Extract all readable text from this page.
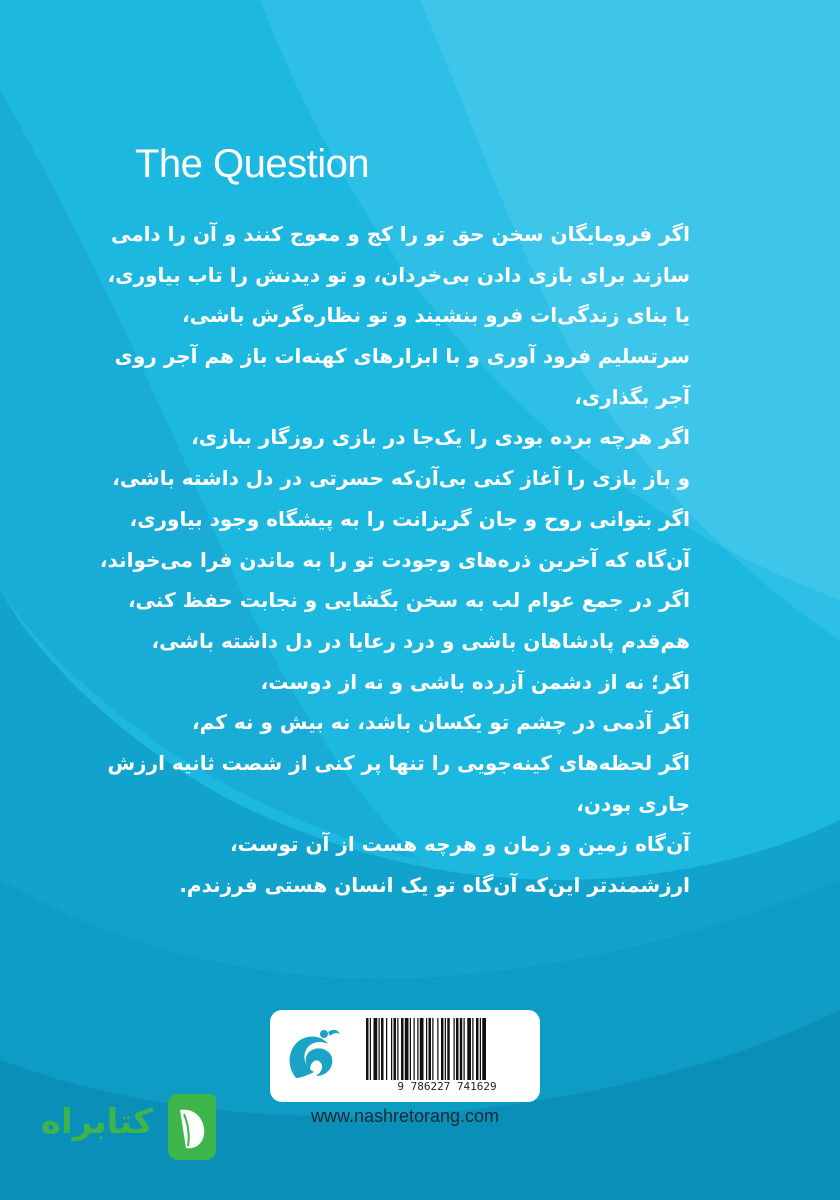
The Question
اگر فرومایگان سخن حق تو را کج و معوج کنند و آن را دامی
سازند برای بازی دادن بی‌خردان، و تو دیدنش را تاب بیاوری،
یا بنای زندگی‌ات فرو بنشیند و تو نظاره‌گرش باشی،
سرتسلیم فرود آوری و با ابزارهای کهنه‌ات باز هم آجر روی
آجر بگذاری،
اگر هرچه برده بودی را یک‌جا در بازی روزگار ببازی،
و باز بازی را آغاز کنی بی‌آن‌که حسرتی در دل داشته باشی،
اگر بتوانی روح و جان گریزانت را به پیشگاه وجود بیاوری،
آن‌گاه که آخرین ذره‌های وجودت تو را به ماندن فرا می‌خواند،
اگر در جمع عوام لب به سخن بگشایی و نجابت حفظ کنی،
هم‌قدم پادشاهان باشی و درد رعایا در دل داشته باشی،
اگر؛ نه از دشمن آزرده باشی و نه از دوست،
اگر آدمی در چشم تو یکسان باشد، نه بیش و نه کم،
اگر لحظه‌های کینه‌جویی را تنها پر کنی از شصت ثانیه ارزش
جاری بودن،
آن‌گاه زمین و زمان و هرچه هست از آن توست،
ارزشمندتر این‌که آن‌گاه تو یک انسان هستی فرزندم.
9 786227 741629
www.nashretorang.com
کتابراه
